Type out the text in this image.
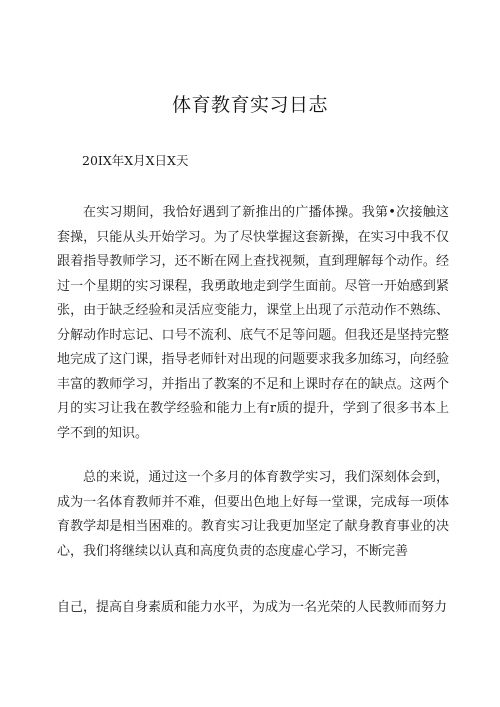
体育教育实习日志
20IX年X月X日X天

在实习期间，我恰好遇到了新推出的广播体操。我第•次接触这套操，只能从头开始学习。为了尽快掌握这套新操，在实习中我不仅跟着指导教师学习，还不断在网上查找视频，直到理解每个动作。经过一个星期的实习课程，我勇敢地走到学生面前。尽管一开始感到紧张，由于缺乏经验和灵活应变能力，课堂上出现了示范动作不熟练、分解动作时忘记、口号不流利、底气不足等问题。但我还是坚持完整地完成了这门课，指导老师针对出现的问题要求我多加练习，向经验丰富的教师学习，并指出了教案的不足和上课时存在的缺点。这两个月的实习让我在教学经验和能力上有r质的提升，学到了很多书本上学不到的知识。

总的来说，通过这一个多月的体育教学实习，我们深刻体会到，成为一名体育教师并不难，但要出色地上好每一堂课，完成每一项体育教学却是相当困难的。教育实习让我更加坚定了献身教育事业的决心，我们将继续以认真和高度负责的态度虚心学习，不断完善

自己，提高自身素质和能力水平，为成为一名光荣的人民教师而努力
